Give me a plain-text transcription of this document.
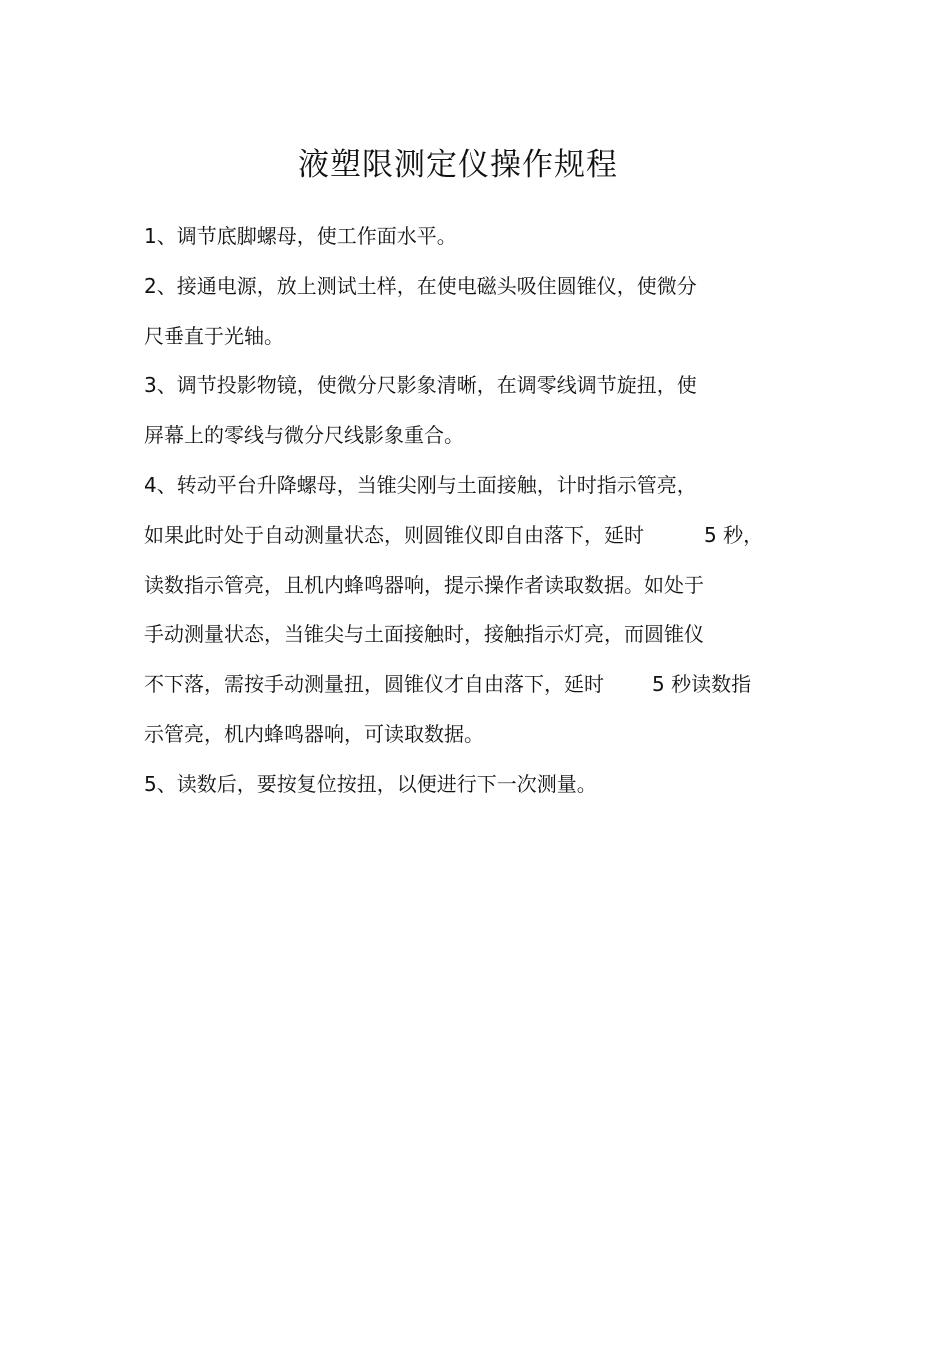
液塑限测定仪操作规程
1、调节底脚螺母，使工作面水平。
2、接通电源，放上测试土样，在使电磁头吸住圆锥仪，使微分
尺垂直于光轴。
3、调节投影物镜，使微分尺影象清晰，在调零线调节旋扭，使
屏幕上的零线与微分尺线影象重合。
4、转动平台升降螺母，当锥尖刚与土面接触，计时指示管亮，
如果此时处于自动测量状态，则圆锥仪即自由落下，延时	5 秒，
读数指示管亮，且机内蜂鸣器响，提示操作者读取数据。如处于
手动测量状态，当锥尖与土面接触时，接触指示灯亮，而圆锥仪
不下落，需按手动测量扭，圆锥仪才自由落下，延时 5 秒读数指
示管亮，机内蜂鸣器响，可读取数据。
5、读数后，要按复位按扭，以便进行下一次测量。
